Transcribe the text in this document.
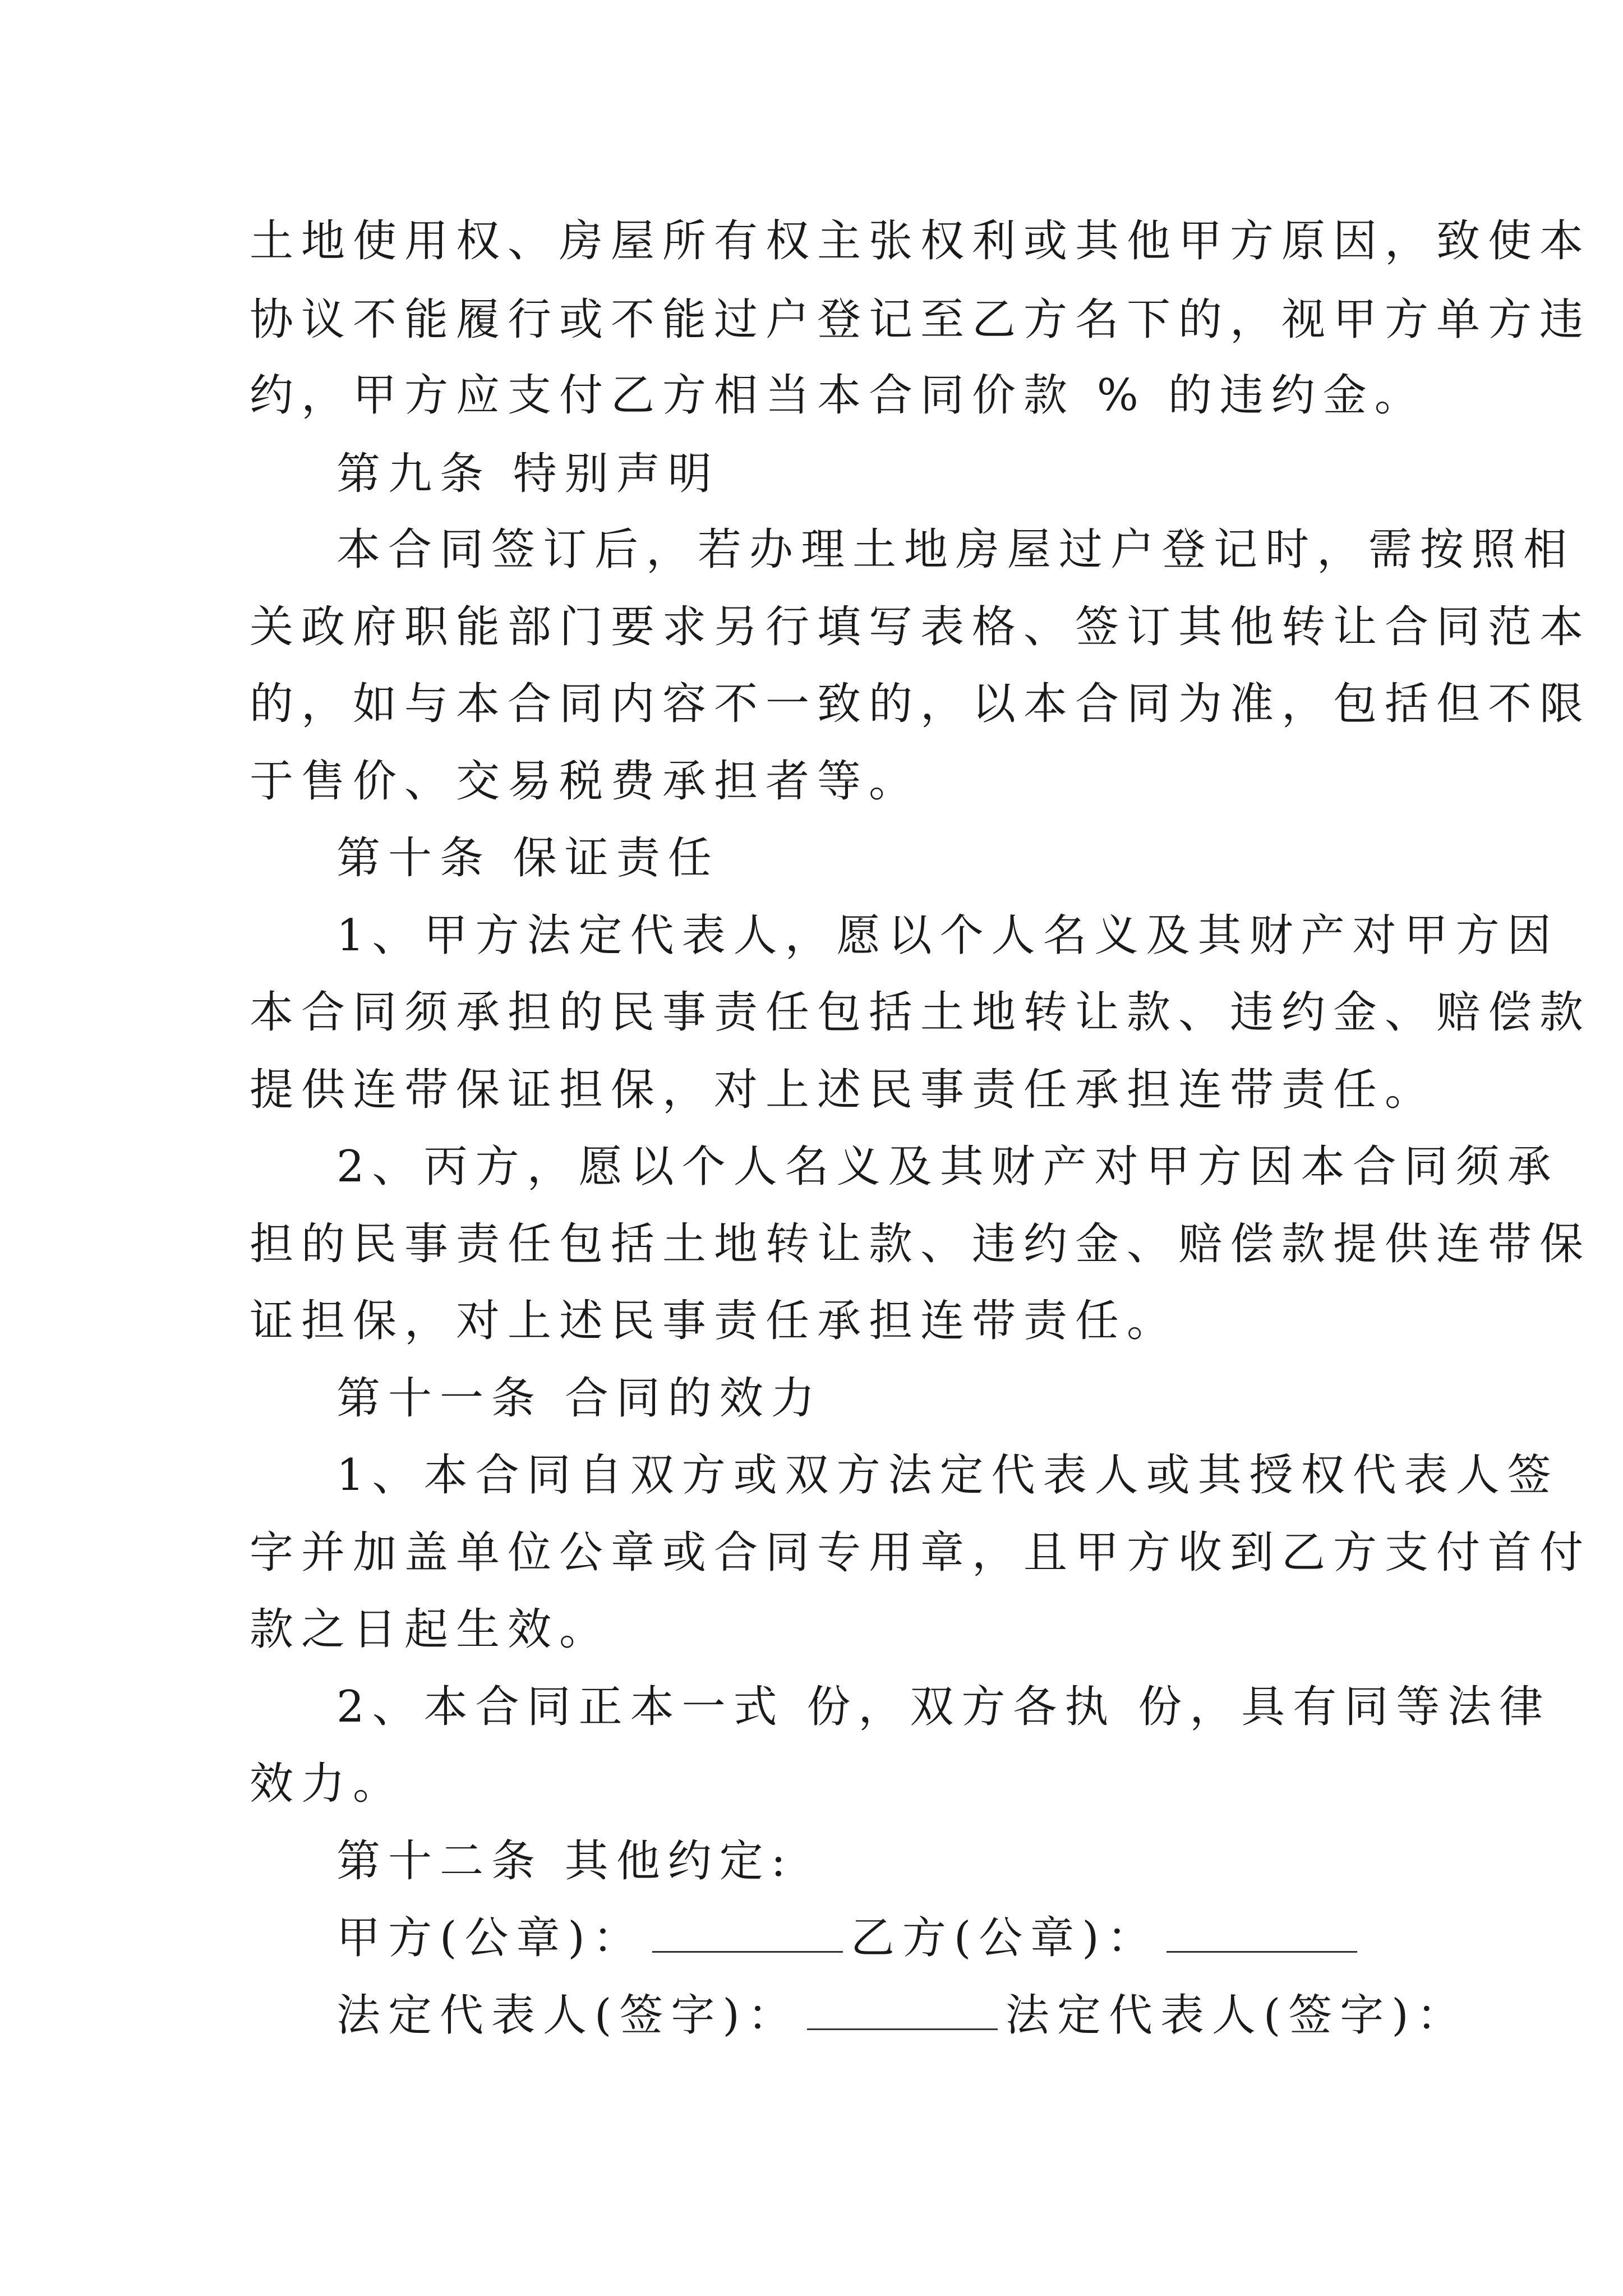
土地使用权、房屋所有权主张权利或其他甲方原因，致使本
协议不能履行或不能过户登记至乙方名下的，视甲方单方违
约，甲方应支付乙方相当本合同价款 % 的违约金。
第九条 特别声明
本合同签订后，若办理土地房屋过户登记时，需按照相
关政府职能部门要求另行填写表格、签订其他转让合同范本
的，如与本合同内容不一致的，以本合同为准，包括但不限
于售价、交易税费承担者等。
第十条 保证责任
1、甲方法定代表人，愿以个人名义及其财产对甲方因
本合同须承担的民事责任包括土地转让款、违约金、赔偿款
提供连带保证担保，对上述民事责任承担连带责任。
2、丙方，愿以个人名义及其财产对甲方因本合同须承
担的民事责任包括土地转让款、违约金、赔偿款提供连带保
证担保，对上述民事责任承担连带责任。
第十一条 合同的效力
1、本合同自双方或双方法定代表人或其授权代表人签
字并加盖单位公章或合同专用章，且甲方收到乙方支付首付
款之日起生效。
2、本合同正本一式 份，双方各执 份，具有同等法律
效力。
第十二条 其他约定:
甲方(公章)：	乙方(公章)：
法定代表人(签字)：	法定代表人(签字)：
